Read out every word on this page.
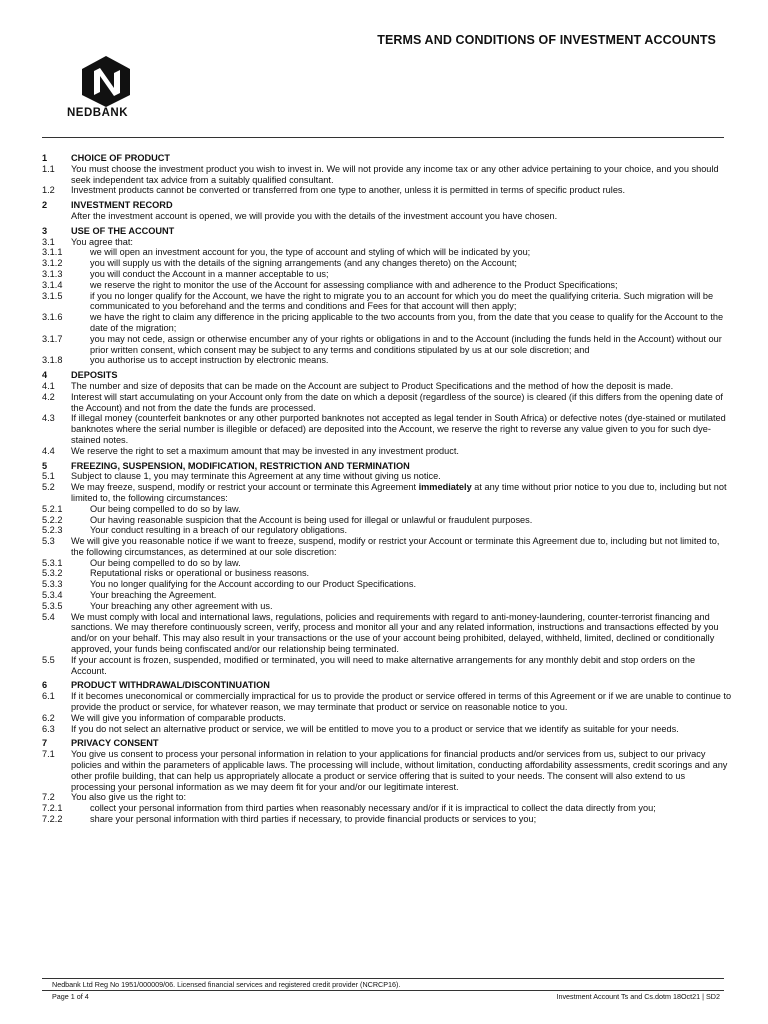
TERMS AND CONDITIONS OF INVESTMENT ACCOUNTS
NEDBANK
1	CHOICE OF PRODUCT
1.1	You must choose the investment product you wish to invest in. We will not provide any income tax or any other advice pertaining to your choice, and you should seek independent tax advice from a suitably qualified consultant.
1.2	Investment products cannot be converted or transferred from one type to another, unless it is permitted in terms of specific product rules.
2	INVESTMENT RECORD
After the investment account is opened, we will provide you with the details of the investment account you have chosen.
3	USE OF THE ACCOUNT
3.1	You agree that:
3.1.1	we will open an investment account for you, the type of account and styling of which will be indicated by you;
3.1.2	you will supply us with the details of the signing arrangements (and any changes thereto) on the Account;
3.1.3	you will conduct the Account in a manner acceptable to us;
3.1.4	we reserve the right to monitor the use of the Account for assessing compliance with and adherence to the Product Specifications;
3.1.5	if you no longer qualify for the Account, we have the right to migrate you to an account for which you do meet the qualifying criteria. Such migration will be communicated to you beforehand and the terms and conditions and Fees for that account will then apply;
3.1.6	we have the right to claim any difference in the pricing applicable to the two accounts from you, from the date that you cease to qualify for the Account to the date of the migration;
3.1.7	you may not cede, assign or otherwise encumber any of your rights or obligations in and to the Account (including the funds held in the Account) without our prior written consent, which consent may be subject to any terms and conditions stipulated by us at our sole discretion; and
3.1.8	you authorise us to accept instruction by electronic means.
4	DEPOSITS
4.1	The number and size of deposits that can be made on the Account are subject to Product Specifications and the method of how the deposit is made.
4.2	Interest will start accumulating on your Account only from the date on which a deposit (regardless of the source) is cleared (if this differs from the opening date of the Account) and not from the date the funds are processed.
4.3	If illegal money (counterfeit banknotes or any other purported banknotes not accepted as legal tender in South Africa) or defective notes (dye-stained or mutilated banknotes where the serial number is illegible or defaced) are deposited into the Account, we reserve the right to reverse any value given to you for such dye-stained notes.
4.4	We reserve the right to set a maximum amount that may be invested in any investment product.
5	FREEZING, SUSPENSION, MODIFICATION, RESTRICTION AND TERMINATION
5.1	Subject to clause 1, you may terminate this Agreement at any time without giving us notice.
5.2	We may freeze, suspend, modify or restrict your account or terminate this Agreement immediately at any time without prior notice to you due to, including but not limited to, the following circumstances:
5.2.1	Our being compelled to do so by law.
5.2.2	Our having reasonable suspicion that the Account is being used for illegal or unlawful or fraudulent purposes.
5.2.3	Your conduct resulting in a breach of our regulatory obligations.
5.3	We will give you reasonable notice if we want to freeze, suspend, modify or restrict your Account or terminate this Agreement due to, including but not limited to, the following circumstances, as determined at our sole discretion:
5.3.1	Our being compelled to do so by law.
5.3.2	Reputational risks or operational or business reasons.
5.3.3	You no longer qualifying for the Account according to our Product Specifications.
5.3.4	Your breaching the Agreement.
5.3.5	Your breaching any other agreement with us.
5.4	We must comply with local and international laws, regulations, policies and requirements with regard to anti-money-laundering, counter-terrorist financing and sanctions. We may therefore continuously screen, verify, process and monitor all your and any related information, instructions and transactions effected by you and/or on your behalf. This may also result in your transactions or the use of your account being prohibited, delayed, withheld, limited, declined or conditionally approved, your funds being confiscated and/or our relationship being terminated.
5.5	If your account is frozen, suspended, modified or terminated, you will need to make alternative arrangements for any monthly debit and stop orders on the Account.
6	PRODUCT WITHDRAWAL/DISCONTINUATION
6.1	If it becomes uneconomical or commercially impractical for us to provide the product or service offered in terms of this Agreement or if we are unable to continue to provide the product or service, for whatever reason, we may terminate that product or service on reasonable notice to you.
6.2	We will give you information of comparable products.
6.3	If you do not select an alternative product or service, we will be entitled to move you to a product or service that we identify as suitable for your needs.
7	PRIVACY CONSENT
7.1	You give us consent to process your personal information in relation to your applications for financial products and/or services from us, subject to our privacy policies and within the parameters of applicable laws. The processing will include, without limitation, conducting affordability assessments, credit scorings and any other profile building, that can help us appropriately allocate a product or service offering that is suited to your needs. The consent will also extend to us processing your personal information as we may deem fit for your and/or our legitimate interest.
7.2	You also give us the right to:
7.2.1	collect your personal information from third parties when reasonably necessary and/or if it is impractical to collect the data directly from you;
7.2.2	share your personal information with third parties if necessary, to provide financial products or services to you;
Nedbank Ltd Reg No 1951/000009/06. Licensed financial services and registered credit provider (NCRCP16).
Page 1 of 4	Investment Account Ts and Cs.dotm 18Oct21 | SD2
